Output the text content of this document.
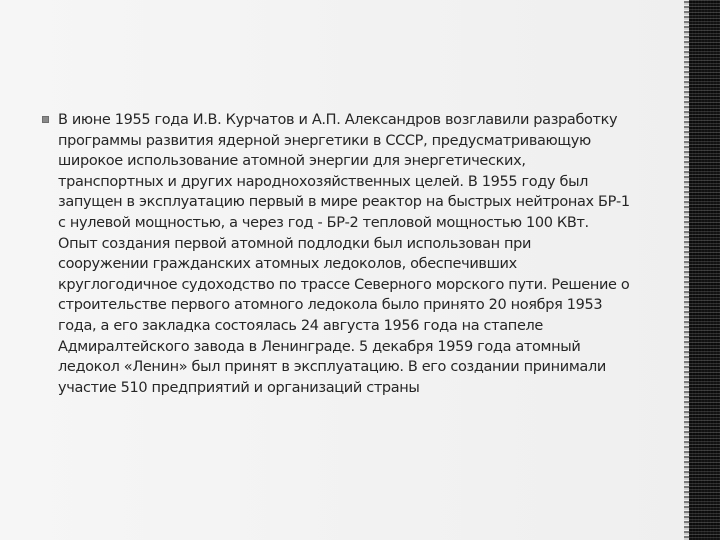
В июне 1955 года И.В. Курчатов и А.П. Александров возглавили разработку
программы развития ядерной энергетики в СССР, предусматривающую
широкое использование атомной энергии для энергетических,
транспортных и других народнохозяйственных целей. В 1955 году был
запущен в эксплуатацию первый в мире реактор на быстрых нейтронах БР-1
с нулевой мощностью, а через год - БР-2 тепловой мощностью 100 КВт.
Опыт создания первой атомной подлодки был использован при
сооружении гражданских атомных ледоколов, обеспечивших
круглогодичное судоходство по трассе Северного морского пути. Решение о
строительстве первого атомного ледокола было принято 20 ноября 1953
года, а его закладка состоялась 24 августа 1956 года на стапеле
Адмиралтейского завода в Ленинграде. 5 декабря 1959 года атомный
ледокол «Ленин» был принят в эксплуатацию. В его создании принимали
участие 510 предприятий и организаций страны
